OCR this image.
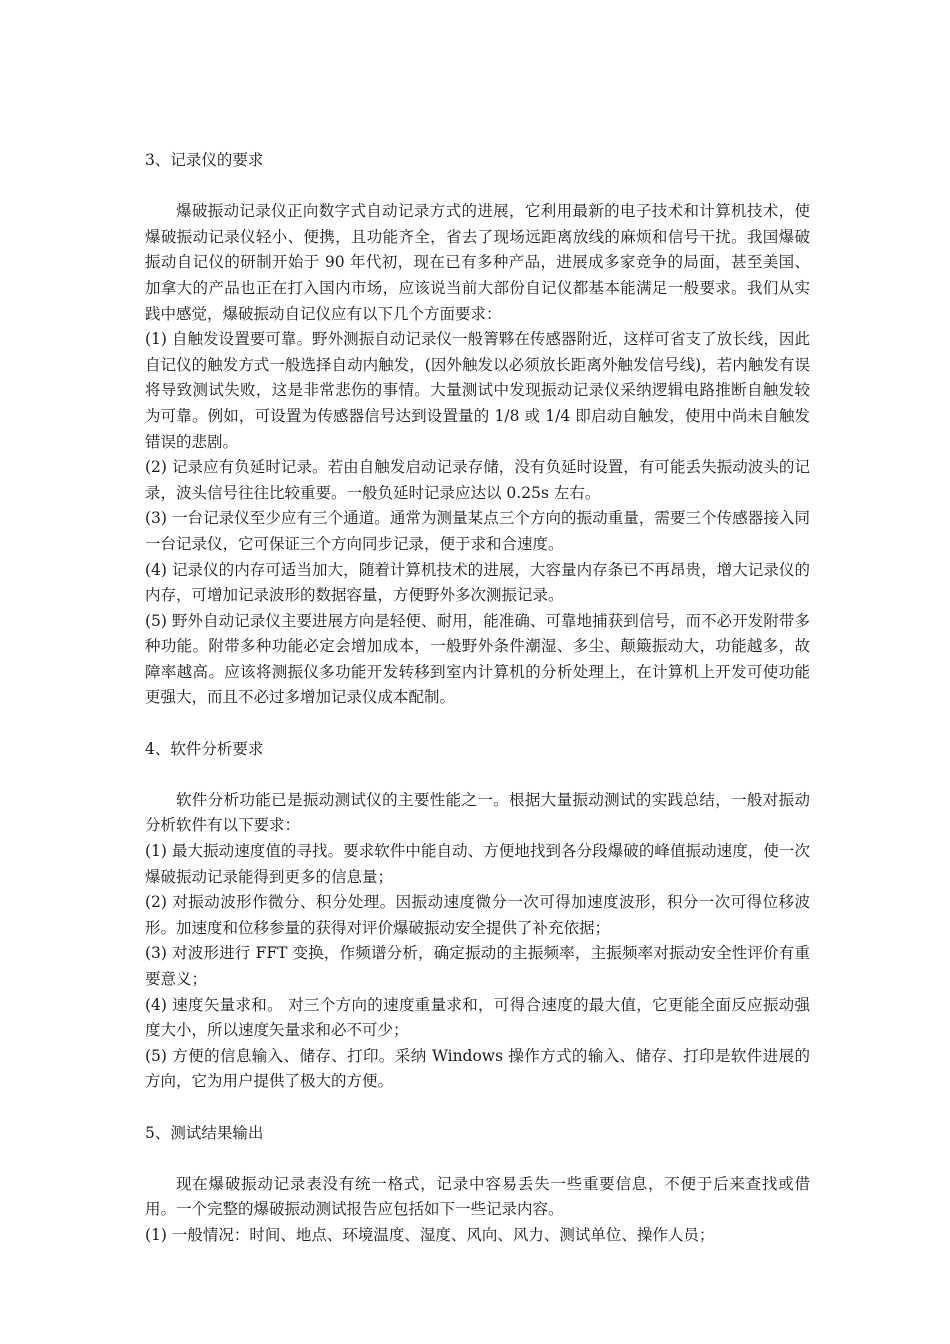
3、记录仪的要求

爆破振动记录仪正向数字式自动记录方式的进展，它利用最新的电子技术和计算机技术，使爆破振动记录仪轻小、便携，且功能齐全，省去了现场远距离放线的麻烦和信号干扰。我国爆破振动自记仪的研制开始于 90 年代初，现在已有多种产品，进展成多家竞争的局面，甚至美国、加拿大的产品也正在打入国内市场，应该说当前大部份自记仪都基本能满足一般要求。我们从实践中感觉，爆破振动自记仪应有以下几个方面要求：

(1) 自触发设置要可靠。野外测振自动记录仪一般箐夥在传感器附近，这样可省支了放长线，因此自记仪的触发方式一般选择自动内触发，(因外触发以必须放长距离外触发信号线)，若内触发有误将导致测试失败，这是非常悲伤的事情。大量测试中发现振动记录仪采纳逻辑电路推断自触发较为可靠。例如，可设置为传感器信号达到设置量的 1/8 或 1/4 即启动自触发，使用中尚未自触发错误的悲剧。

(2) 记录应有负延时记录。若由自触发启动记录存储，没有负延时设置，有可能丢失振动波头的记录，波头信号往往比较重要。一般负延时记录应达以 0.25s 左右。

(3) 一台记录仪至少应有三个通道。通常为测量某点三个方向的振动重量，需要三个传感器接入同一台记录仪，它可保证三个方向同步记录，便于求和合速度。

(4) 记录仪的内存可适当加大，随着计算机技术的进展，大容量内存条已不再昂贵，增大记录仪的内存，可增加记录波形的数据容量，方便野外多次测振记录。

(5) 野外自动记录仪主要进展方向是轻便、耐用，能准确、可靠地捕获到信号，而不必开发附带多种功能。附带多种功能必定会增加成本，一般野外条件潮湿、多尘、颠簸振动大，功能越多，故障率越高。应该将测振仪多功能开发转移到室内计算机的分析处理上，在计算机上开发可使功能更强大，而且不必过多增加记录仪成本配制。

4、软件分析要求

软件分析功能已是振动测试仪的主要性能之一。根据大量振动测试的实践总结，一般对振动分析软件有以下要求：

(1) 最大振动速度值的寻找。要求软件中能自动、方便地找到各分段爆破的峰值振动速度，使一次爆破振动记录能得到更多的信息量；

(2) 对振动波形作微分、积分处理。因振动速度微分一次可得加速度波形，积分一次可得位移波形。加速度和位移参量的获得对评价爆破振动安全提供了补充依据；

(3) 对波形进行 FFT 变换，作频谱分析，确定振动的主振频率，主振频率对振动安全性评价有重要意义；

(4) 速度矢量求和。 对三个方向的速度重量求和，可得合速度的最大值，它更能全面反应振动强度大小，所以速度矢量求和必不可少；

(5) 方便的信息输入、储存、打印。采纳 Windows 操作方式的输入、储存、打印是软件进展的方向，它为用户提供了极大的方便。

5、测试结果输出

现在爆破振动记录表没有统一格式，记录中容易丢失一些重要信息，不便于后来查找或借用。一个完整的爆破振动测试报告应包括如下一些记录内容。

(1) 一般情况：时间、地点、环境温度、湿度、风向、风力、测试单位、操作人员；
